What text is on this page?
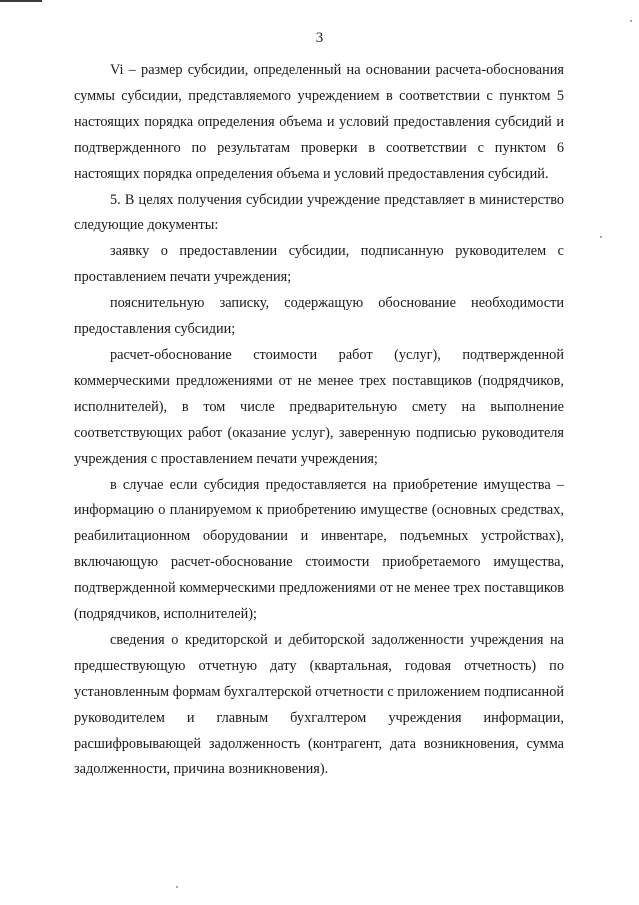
3

Vi – размер субсидии, определенный на основании расчета-обоснования суммы субсидии, представляемого учреждением в соответствии с пунктом 5 настоящих порядка определения объема и условий предоставления субсидий и подтвержденного по результатам проверки в соответствии с пунктом 6 настоящих порядка определения объема и условий предоставления субсидий.

5. В целях получения субсидии учреждение представляет в министерство следующие документы:

заявку о предоставлении субсидии, подписанную руководителем с проставлением печати учреждения;

пояснительную записку, содержащую обоснование необходимости предоставления субсидии;

расчет-обоснование стоимости работ (услуг), подтвержденной коммерческими предложениями от не менее трех поставщиков (подрядчиков, исполнителей), в том числе предварительную смету на выполнение соответствующих работ (оказание услуг), заверенную подписью руководителя учреждения с проставлением печати учреждения;

в случае если субсидия предоставляется на приобретение имущества – информацию о планируемом к приобретению имуществе (основных средствах, реабилитационном оборудовании и инвентаре, подъемных устройствах), включающую расчет-обоснование стоимости приобретаемого имущества, подтвержденной коммерческими предложениями от не менее трех поставщиков (подрядчиков, исполнителей);

сведения о кредиторской и дебиторской задолженности учреждения на предшествующую отчетную дату (квартальная, годовая отчетность) по установленным формам бухгалтерской отчетности с приложением подписанной руководителем и главным бухгалтером учреждения информации, расшифровывающей задолженность (контрагент, дата возникновения, сумма задолженности, причина возникновения).
